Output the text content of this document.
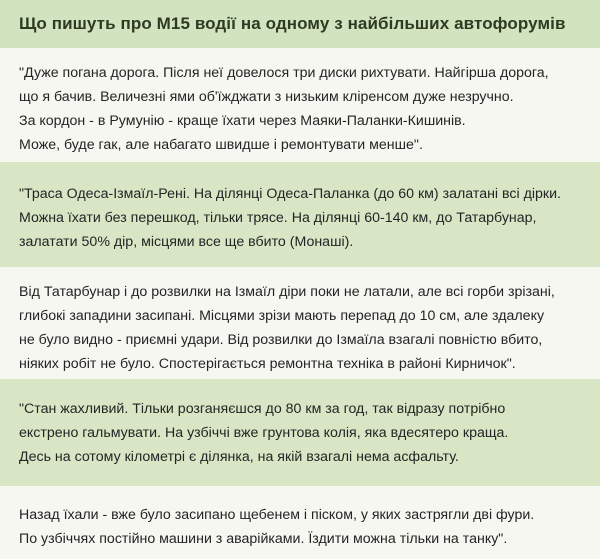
Що пишуть про М15 водії на одному з найбільших автофорумів

"Дуже погана дорога. Після неї довелося три диски рихтувати. Найгірша дорога,

що я бачив. Величезні ями об'їжджати з низьким кліренсом дуже незручно.

За кордон - в Румунію - краще їхати через Маяки-Паланки-Кишинів.

Може, буде гак, але набагато швидше і ремонтувати менше".

"Траса Одеса-Ізмаїл-Рені. На ділянці Одеса-Паланка (до 60 км) залатані всі дірки.

Можна їхати без перешкод, тільки трясе. На ділянці 60-140 км, до Татарбунар,

залатати 50% дір, місцями все ще вбито (Монаші).

Від Татарбунар і до розвилки на Ізмаїл діри поки не латали, але всі горби зрізані,

глибокі западини засипані. Місцями зрізи мають перепад до 10 см, але здалеку

не було видно - приємні удари. Від розвилки до Ізмаїла взагалі повністю вбито,

ніяких робіт не було. Спостерігається ремонтна техніка в районі Кирничок".

"Стан жахливий. Тільки розганяєшся до 80 км за год, так відразу потрібно

екстрено гальмувати. На узбіччі вже грунтова колія, яка вдесятеро краща.

Десь на сотому кілометрі є ділянка, на якій взагалі нема асфальту.

Назад їхали - вже було засипано щебенем і піском, у яких застрягли дві фури.

По узбіччях постійно машини з аварійками. Їздити можна тільки на танку".
